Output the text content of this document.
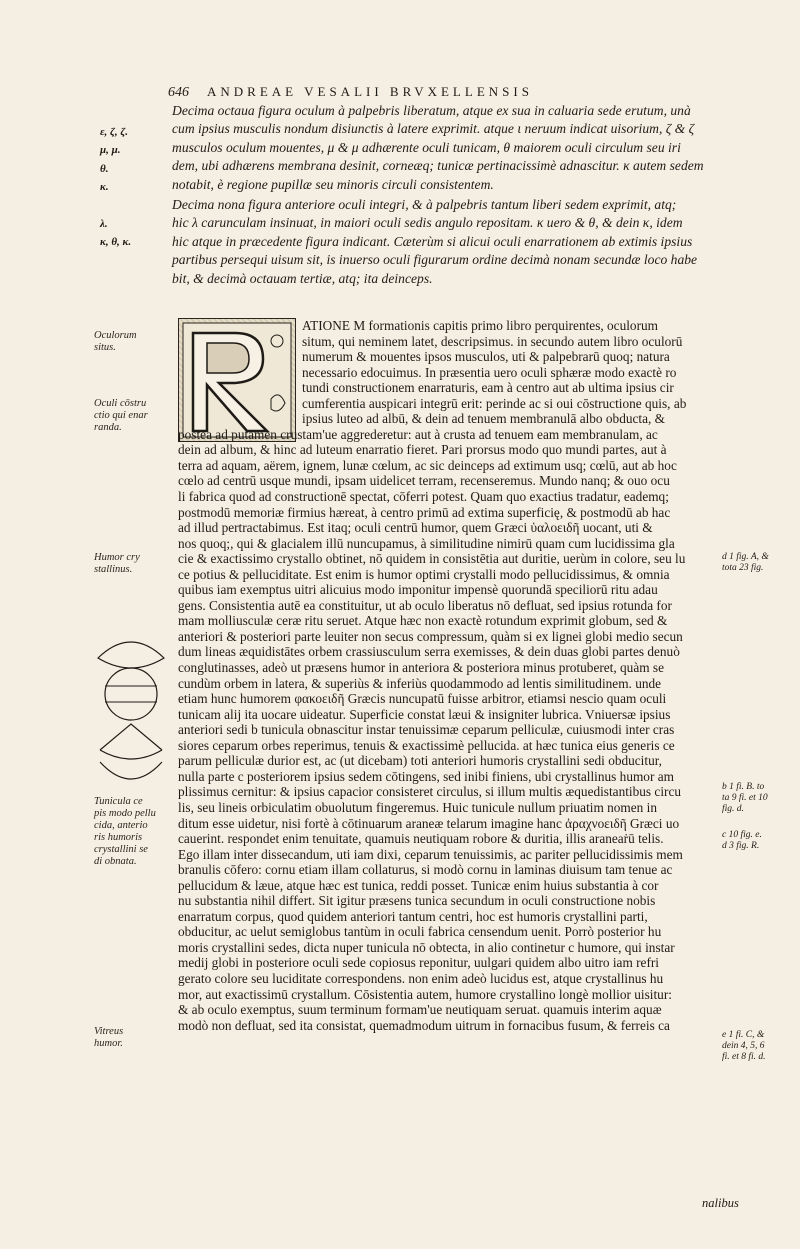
646 ANDREAE VESALII BRVXELLENSIS
ε, ζ, ζ.
μ, μ.
θ.
κ.
λ.
κ, θ, κ.

Decima octaua figura oculum à palpebris liberatum, atque ex sua in caluaria sede erutum, unà
cum ipsius musculis nondum disiunctis à latere exprimit. atque ι neruum indicat uisorium, ζ & ζ
musculos oculum mouentes, μ & μ adhærente oculi tunicam, θ maiorem oculi circulum seu iri
dem, ubi adhærens membrana desinit, corneæq; tunicæ pertinacissimè adnascitur. κ autem sedem
notabit, è regione pupillæ seu minoris circuli consistentem.

Decima nona figura anteriore oculi integri, & à palpebris tantum liberi sedem exprimit, atq;
hic λ carunculam insinuat, in maiori oculi sedis angulo repositam. κ uero & θ, & dein κ, idem
hic atque in præcedente figura indicant. Cæterùm si alicui oculi enarrationem ab extimis ipsius
partibus persequi uisum sit, is inuerso oculi figurarum ordine decimà nonam secundæ loco habe
bit, & decimà octauam tertiæ, atq; ita deinceps.

ATIONE M formationis capitis primo libro perquirentes, oculorum
situm, qui neminem latet, descripsimus. in secundo autem libro oculorū
numerum & mouentes ipsos musculos, uti & palpebrarū quoq; natura
necessario edocuimus. In præsentia uero oculi sphæræ modo exactè ro
tundi constructionem enarraturis, eam à centro aut ab ultima ipsius cir
cumferentia auspicari integrū erit: perinde ac si oui cōstructione quis, ab
ipsius luteo ad albū, & dein ad tenuem membranulā albo obducta, &
postea ad putamen crustam'ue aggrederetur: aut à crusta ad tenuem eam membranulam, ac
dein ad album, & hinc ad luteum enarratio fieret. Pari prorsus modo quo mundi partes, aut à
terra ad aquam, aërem, ignem, lunæ cœlum, ac sic deinceps ad extimum usq; cœlū, aut ab hoc
cœlo ad centrū usque mundi, ipsam uidelicet terram, recenseremus. Mundo nanq; & ouo ocu
li fabrica quod ad constructionē spectat, cōferri potest. Quam quo exactius tradatur, eademq;
postmodū memoriæ firmius hæreat, à centro primū ad extima superficię, & postmodū ab hac
ad illud pertractabimus. Est itaq; oculi centrū humor, quem Græci ὑαλοειδῆ uocant, uti &
nos quoq;, qui & glacialem illū nuncupamus, à similitudine nimirū quam cum lucidissima gla
cie & exactissimo crystallo obtinet, nō quidem in consistētia aut duritie, uerùm in colore, seu lu
ce potius & pelluciditate. Est enim is humor optimi crystalli modo pellucidissimus, & omnia
quibus iam exemptus uitri alicuius modo imponitur impensè quorundā speciliorū ritu adau
gens. Consistentia autē ea constituitur, ut ab oculo liberatus nō defluat, sed ipsius rotunda for
mam molliusculæ ceræ ritu seruet. Atque hæc non exactè rotundum exprimit globum, sed &
anteriori & posteriori parte leuiter non secus compressum, quàm si ex lignei globi medio secun
dum lineas æquidistātes orbem crassiusculum serra exemisses, & dein duas globi partes denuò
conglutinasses, adeò ut præsens humor in anteriora & posteriora minus protuberet, quàm se
cundùm orbem in latera, & superiùs & inferiùs quodammodo ad lentis similitudinem. unde
etiam hunc humorem φακοειδῆ Græcis nuncupatū fuisse arbitror, etiamsi nescio quam oculi
tunicam alij ita uocare uideatur. Superficie constat læui & insigniter lubrica. Vniuersæ ipsius
anteriori sedi b tunicula obnascitur instar tenuissimæ ceparum pelliculæ, cuiusmodi inter cras
siores ceparum orbes reperimus, tenuis & exactissimè pellucida. at hæc tunica eius generis ce
parum pelliculæ durior est, ac (ut dicebam) toti anteriori humoris crystallini sedi obducitur,
nulla parte c posteriorem ipsius sedem cōtingens, sed inibi finiens, ubi crystallinus humor am
plissimus cernitur: & ipsius capacior consisteret circulus, si illum multis æquedistantibus circu
lis, seu lineis orbiculatim obuolutum fingeremus. Huic tunicule nullum priuatim nomen in
ditum esse uidetur, nisi fortè à cōtinuarum araneæ telarum imagine hanc ἀραχνοειδῆ Græci uo
cauerint. respondet enim tenuitate, quamuis neutiquam robore & duritia, illis araneaṙū telis.
Ego illam inter dissecandum, uti iam dixi, ceparum tenuissimis, ac pariter pellucidissimis mem
branulis cōfero: cornu etiam illam collaturus, si modò cornu in laminas diuisum tam tenue ac
pellucidum & læue, atque hæc est tunica, reddi posset. Tunicæ enim huius substantia à cor
nu substantia nihil differt. Sit igitur præsens tunica secundum in oculi constructione nobis
enarratum corpus, quod quidem anteriori tantum centri, hoc est humoris crystallini parti,
obducitur, ac uelut semiglobus tantùm in oculi fabrica censendum uenit. Porrò posterior hu
moris crystallini sedes, dicta nuper tunicula nō obtecta, in alio continetur c humore, qui instar
medij globi in posteriore oculi sede copiosus reponitur, uulgari quidem albo uitro iam refri
gerato colore seu luciditate correspondens. non enim adeò lucidus est, atque crystallinus hu
mor, aut exactissimū crystallum. Cōsistentia autem, humore crystallino longè mollior uisitur:
& ab oculo exemptus, suum terminum formam'ue neutiquam seruat. quamuis interim aquæ
modò non defluat, sed ita consistat, quemadmodum uitrum in fornacibus fusum, & ferreis ca
Oculorum
situs.
Oculi cōstru
ctio qui enar
randa.
Humor cry
stallinus.
Tunicula ce
pis modo pellu
cida, anterio
ris humoris
crystallini se
di obnata.
Vitreus
humor.
d 1 fig. A, &
tota 23 fig.
b 1 fi. B. to
ta 9 fi. et 10
fig. d.
c 10 fig. e.
d 3 fig. R.
e 1 fi. C, &
dein 4, 5, 6
fi. et 8 fi. d.
nalibus
